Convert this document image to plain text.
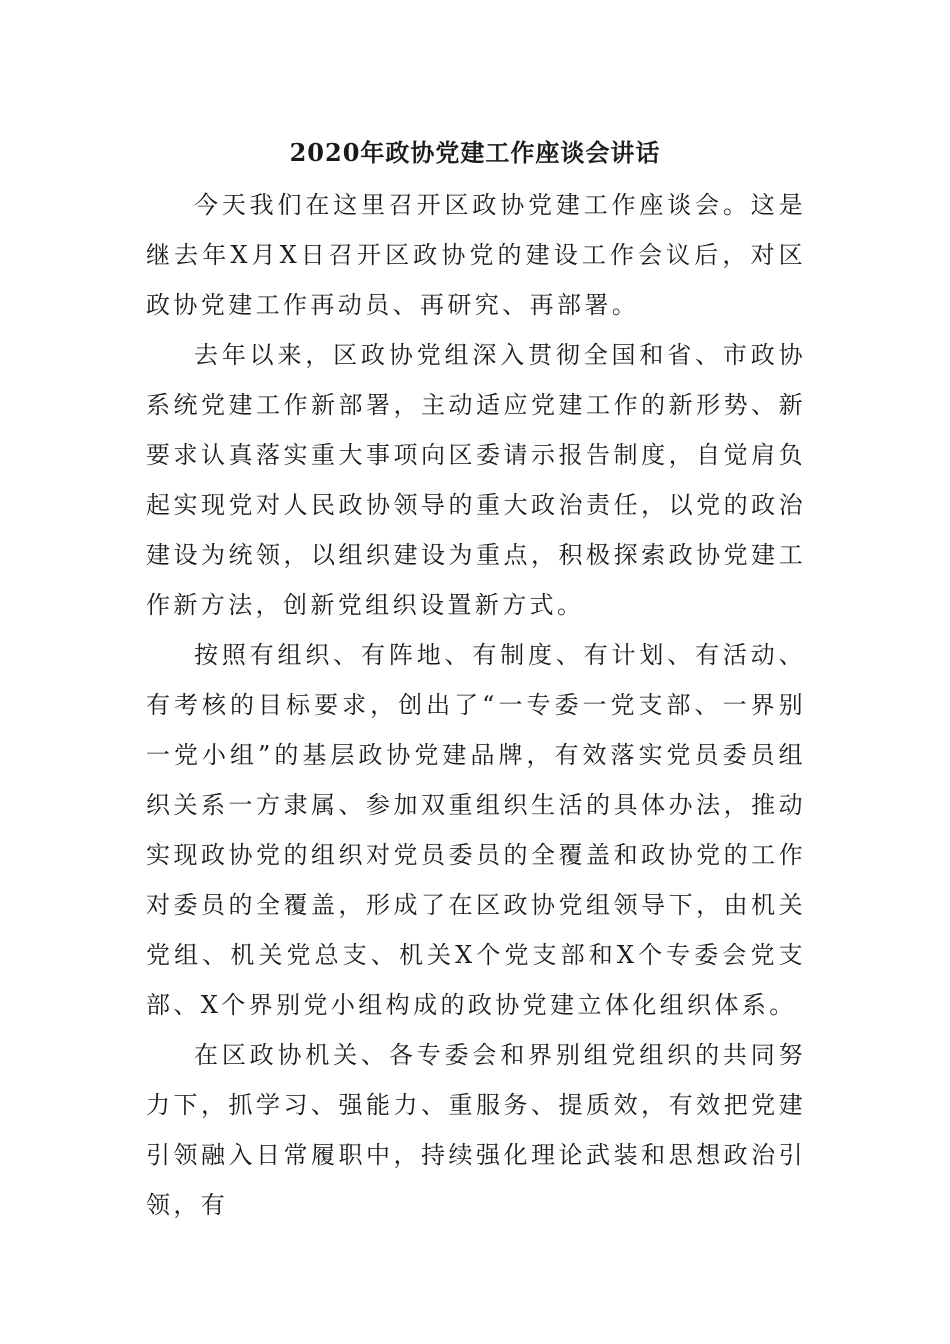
2020年政协党建工作座谈会讲话

今天我们在这里召开区政协党建工作座谈会。这是继去年X月X日召开区政协党的建设工作会议后，对区政协党建工作再动员、再研究、再部署。

去年以来，区政协党组深入贯彻全国和省、市政协系统党建工作新部署，主动适应党建工作的新形势、新要求认真落实重大事项向区委请示报告制度，自觉肩负起实现党对人民政协领导的重大政治责任，以党的政治建设为统领，以组织建设为重点，积极探索政协党建工作新方法，创新党组织设置新方式。

按照有组织、有阵地、有制度、有计划、有活动、有考核的目标要求，创出了“一专委一党支部、一界别一党小组”的基层政协党建品牌，有效落实党员委员组织关系一方隶属、参加双重组织生活的具体办法，推动实现政协党的组织对党员委员的全覆盖和政协党的工作对委员的全覆盖，形成了在区政协党组领导下，由机关党组、机关党总支、机关X个党支部和X个专委会党支部、X个界别党小组构成的政协党建立体化组织体系。

在区政协机关、各专委会和界别组党组织的共同努力下，抓学习、强能力、重服务、提质效，有效把党建引领融入日常履职中，持续强化理论武装和思想政治引领，有
